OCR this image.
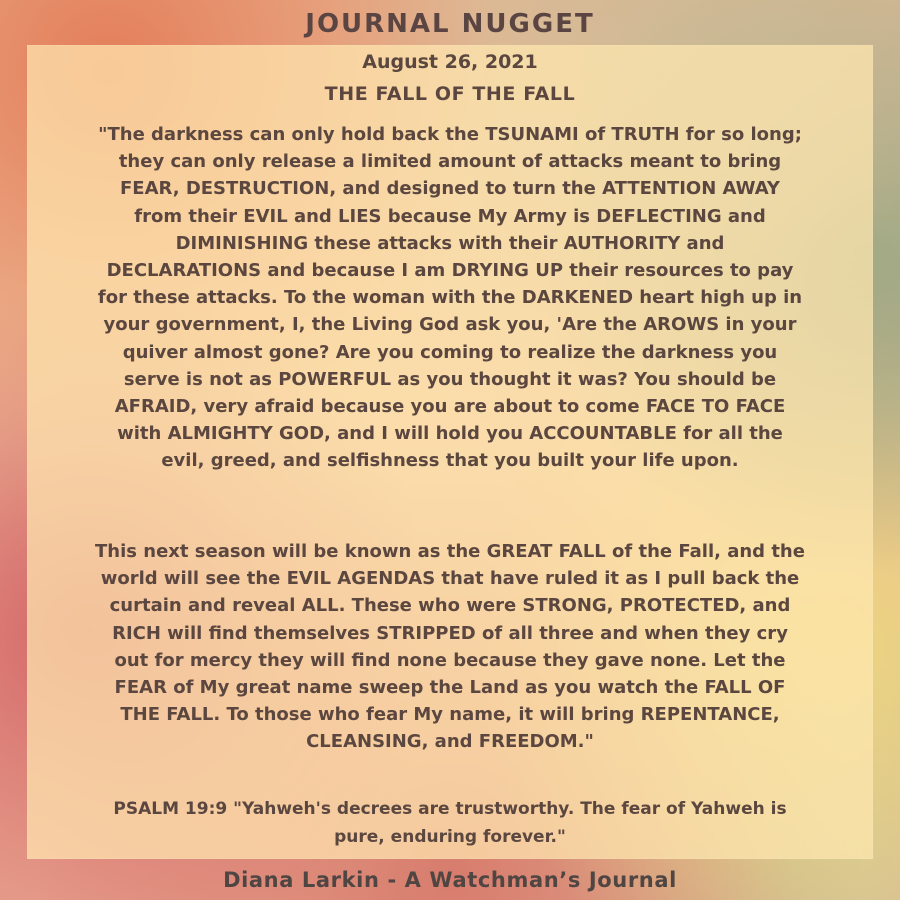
JOURNAL NUGGET
August 26, 2021
THE FALL OF THE FALL

"The darkness can only hold back the TSUNAMI of TRUTH for so long;
they can only release a limited amount of attacks meant to bring
FEAR, DESTRUCTION, and designed to turn the ATTENTION AWAY
from their EVIL and LIES because My Army is DEFLECTING and
DIMINISHING these attacks with their AUTHORITY and
DECLARATIONS and because I am DRYING UP their resources to pay
for these attacks. To the woman with the DARKENED heart high up in
your government, I, the Living God ask you, 'Are the AROWS in your
quiver almost gone? Are you coming to realize the darkness you
serve is not as POWERFUL as you thought it was? You should be
AFRAID, very afraid because you are about to come FACE TO FACE
with ALMIGHTY GOD, and I will hold you ACCOUNTABLE for all the
evil, greed, and selfishness that you built your life upon.

This next season will be known as the GREAT FALL of the Fall, and the
world will see the EVIL AGENDAS that have ruled it as I pull back the
curtain and reveal ALL. These who were STRONG, PROTECTED, and
RICH will find themselves STRIPPED of all three and when they cry
out for mercy they will find none because they gave none. Let the
FEAR of My great name sweep the Land as you watch the FALL OF
THE FALL. To those who fear My name, it will bring REPENTANCE,
CLEANSING, and FREEDOM."

PSALM 19:9 "Yahweh's decrees are trustworthy. The fear of Yahweh is
pure, enduring forever."

Diana Larkin - A Watchman’s Journal
